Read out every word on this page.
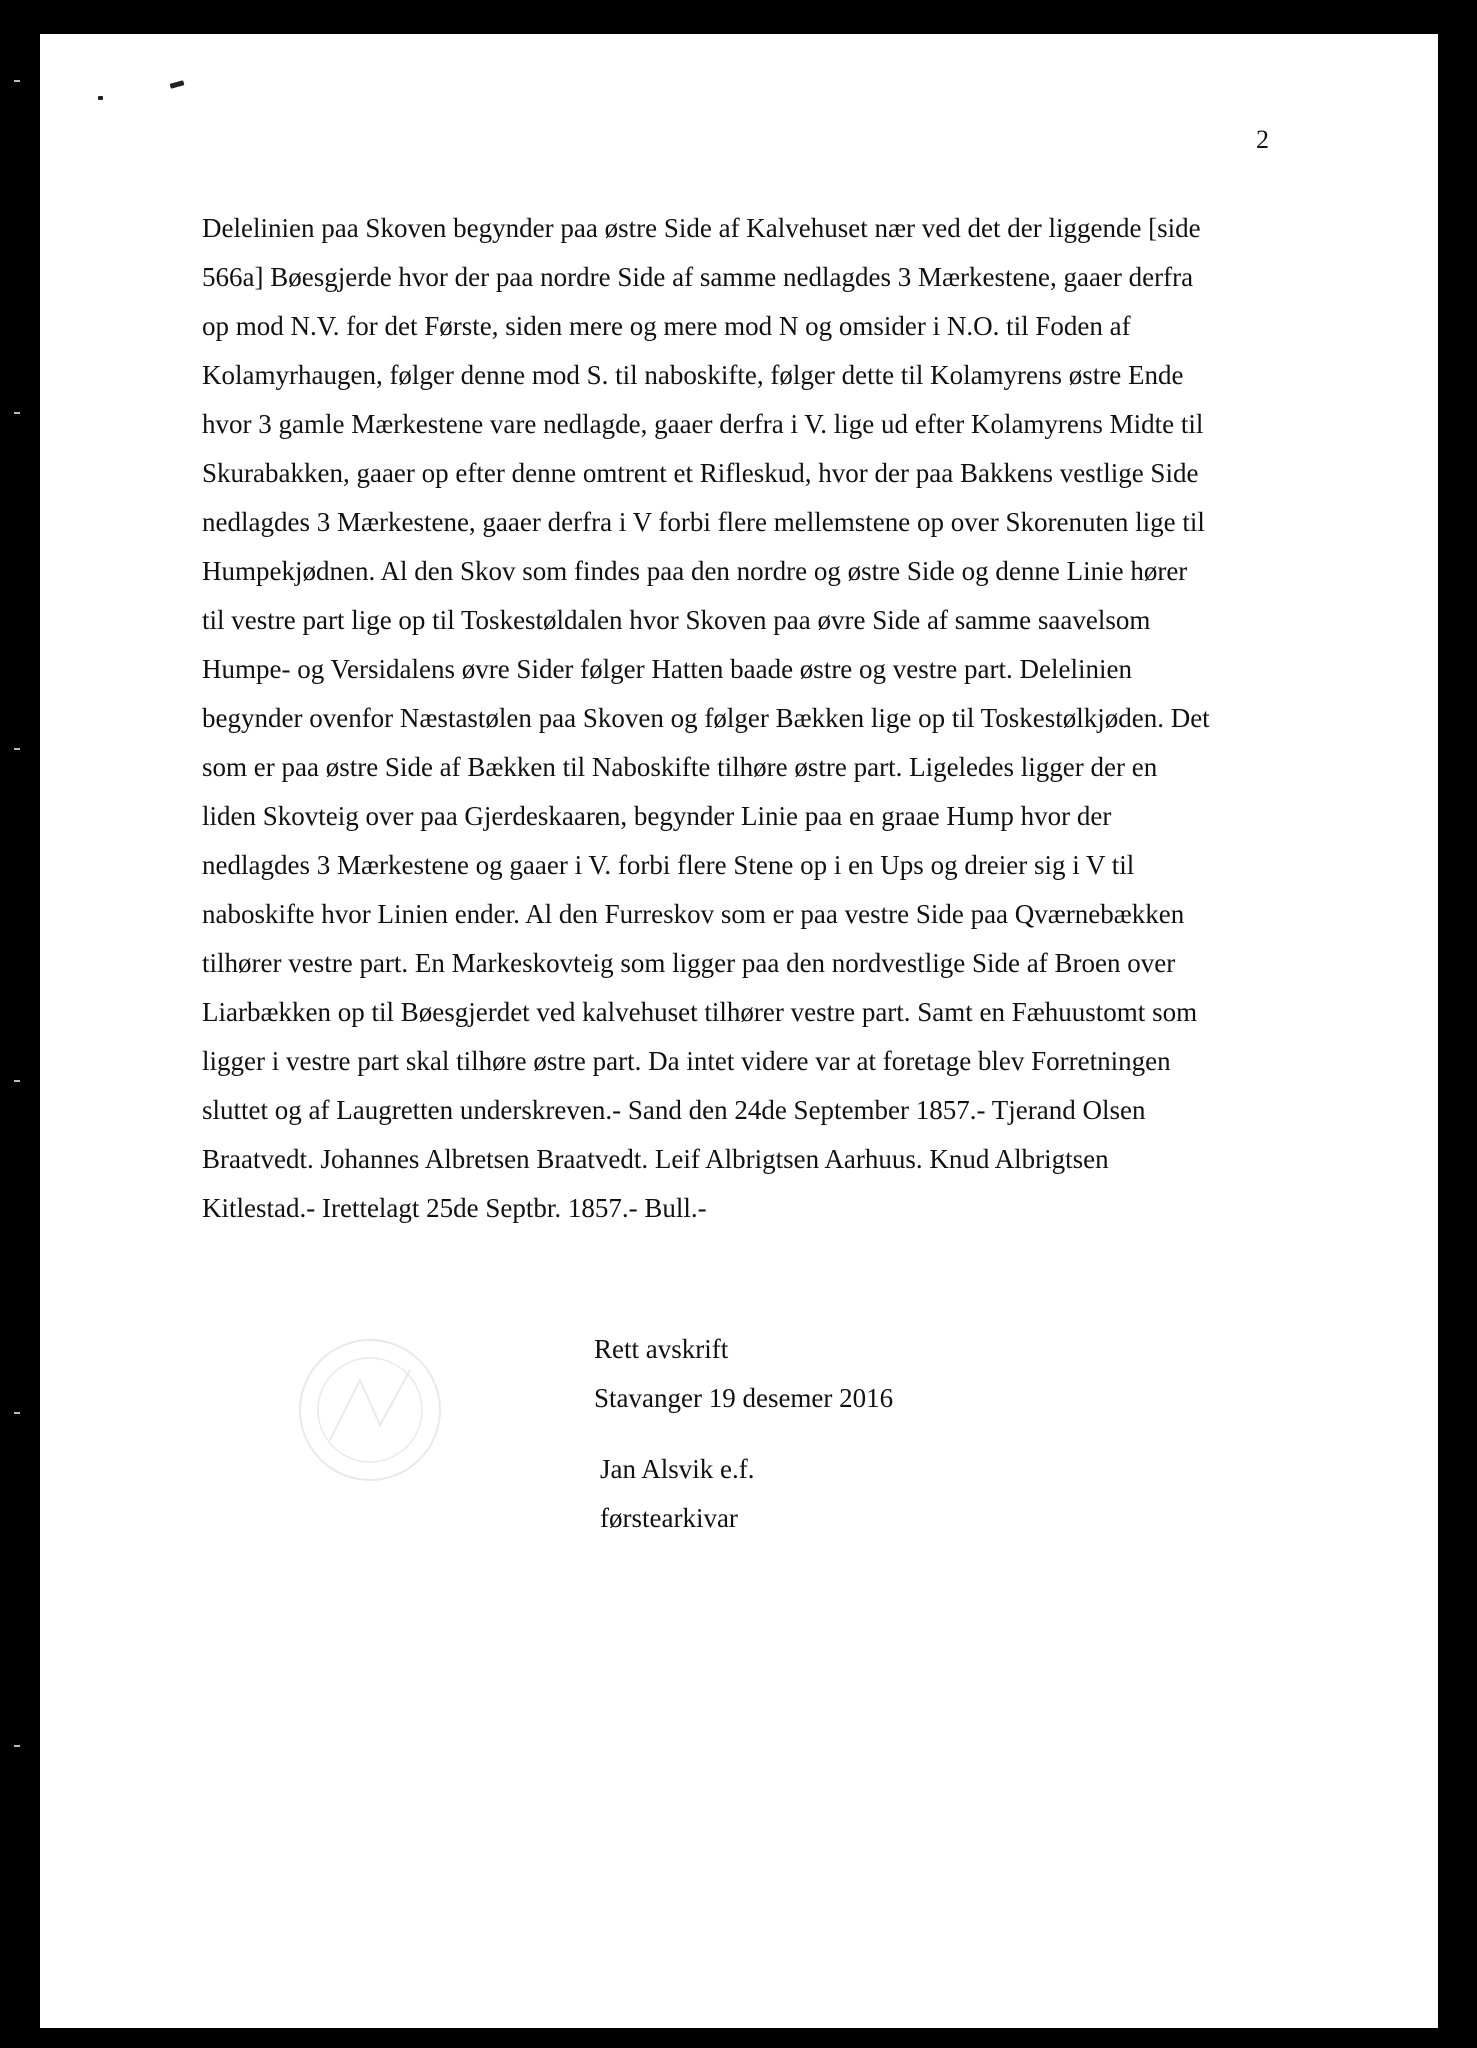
2
Delelinien paa Skoven begynder paa østre Side af Kalvehuset nær ved det der liggende [side
566a] Bøesgjerde hvor der paa nordre Side af samme nedlagdes 3 Mærkestene, gaaer derfra
op mod N.V. for det Første, siden mere og mere mod N og omsider i N.O. til Foden af
Kolamyrhaugen, følger denne mod S. til naboskifte, følger dette til Kolamyrens østre Ende
hvor 3 gamle Mærkestene vare nedlagde, gaaer derfra i V. lige ud efter Kolamyrens Midte til
Skurabakken, gaaer op efter denne omtrent et Rifleskud, hvor der paa Bakkens vestlige Side
nedlagdes 3 Mærkestene, gaaer derfra i V forbi flere mellemstene op over Skorenuten lige til
Humpekjødnen. Al den Skov som findes paa den nordre og østre Side og denne Linie hører
til vestre part lige op til Toskestøldalen hvor Skoven paa øvre Side af samme saavelsom
Humpe- og Versidalens øvre Sider følger Hatten baade østre og vestre part. Delelinien
begynder ovenfor Næstastølen paa Skoven og følger Bækken lige op til Toskestølkjøden. Det
som er paa østre Side af Bækken til Naboskifte tilhøre østre part. Ligeledes ligger der en
liden Skovteig over paa Gjerdeskaaren, begynder Linie paa en graae Hump hvor der
nedlagdes 3 Mærkestene og gaaer i V. forbi flere Stene op i en Ups og dreier sig i V til
naboskifte hvor Linien ender. Al den Furreskov som er paa vestre Side paa Qværnebækken
tilhører vestre part. En Markeskovteig som ligger paa den nordvestlige Side af Broen over
Liarbækken op til Bøesgjerdet ved kalvehuset tilhører vestre part. Samt en Fæhuustomt som
ligger i vestre part skal tilhøre østre part. Da intet videre var at foretage blev Forretningen
sluttet og af Laugretten underskreven.- Sand den 24de September 1857.- Tjerand Olsen
Braatvedt. Johannes Albretsen Braatvedt. Leif Albrigtsen Aarhuus. Knud Albrigtsen
Kitlestad.- Irettelagt 25de Septbr. 1857.- Bull.-
Rett avskrift
Stavanger 19 desemer 2016
Jan Alsvik e.f.
førstearkivar
